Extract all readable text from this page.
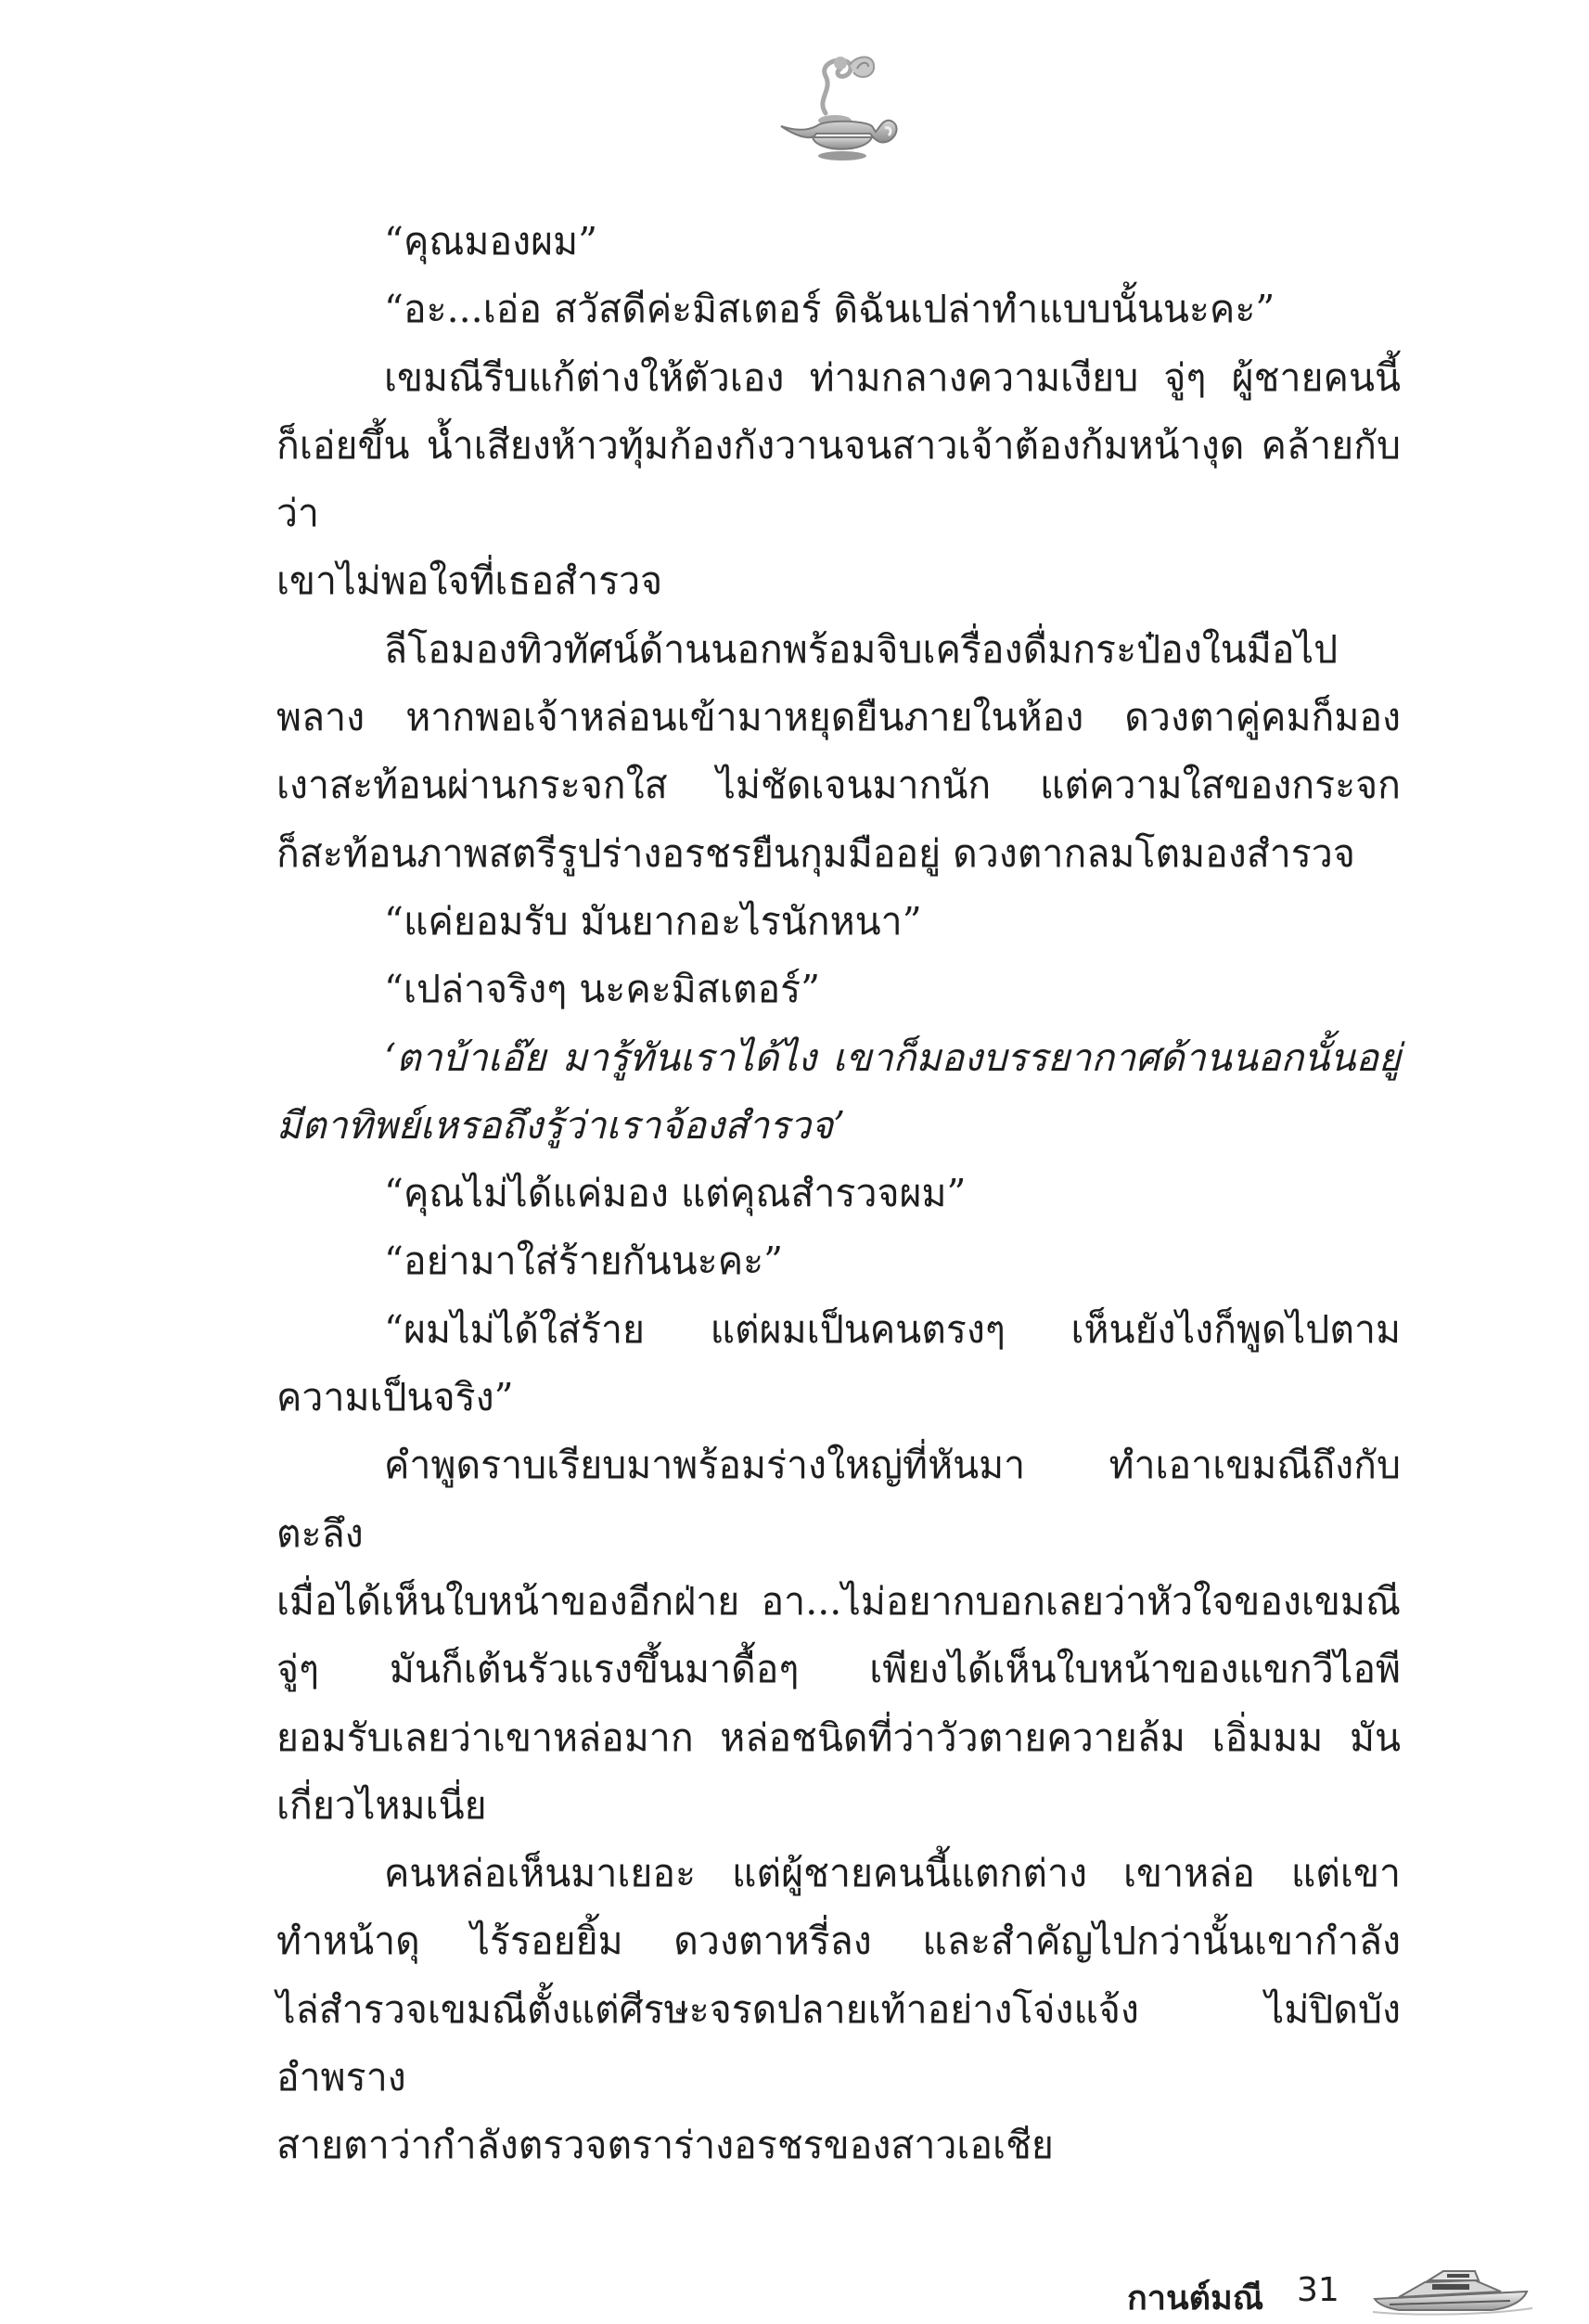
“คุณมองผม”

“อะ...เอ่อ สวัสดีค่ะมิสเตอร์ ดิฉันเปล่าทำแบบนั้นนะคะ”

เขมณีรีบแก้ต่างให้ตัวเอง ท่ามกลางความเงียบ จู่ๆ ผู้ชายคนนี้

ก็เอ่ยขึ้น น้ำเสียงห้าวทุ้มก้องกังวานจนสาวเจ้าต้องก้มหน้างุด คล้ายกับว่า

เขาไม่พอใจที่เธอสำรวจ

ลีโอมองทิวทัศน์ด้านนอกพร้อมจิบเครื่องดื่มกระป๋องในมือไป

พลาง หากพอเจ้าหล่อนเข้ามาหยุดยืนภายในห้อง ดวงตาคู่คมก็มอง

เงาสะท้อนผ่านกระจกใส ไม่ชัดเจนมากนัก แต่ความใสของกระจก

ก็สะท้อนภาพสตรีรูปร่างอรชรยืนกุมมืออยู่ ดวงตากลมโตมองสำรวจ

“แค่ยอมรับ มันยากอะไรนักหนา”

“เปล่าจริงๆ นะคะมิสเตอร์”

‘ตาบ้าเอ๊ย มารู้ทันเราได้ไง เขาก็มองบรรยากาศด้านนอกนั้นอยู่

มีตาทิพย์เหรอถึงรู้ว่าเราจ้องสำรวจ’

“คุณไม่ได้แค่มอง แต่คุณสำรวจผม”

“อย่ามาใส่ร้ายกันนะคะ”

“ผมไม่ได้ใส่ร้าย แต่ผมเป็นคนตรงๆ เห็นยังไงก็พูดไปตาม

ความเป็นจริง”

คำพูดราบเรียบมาพร้อมร่างใหญ่ที่หันมา ทำเอาเขมณีถึงกับตะลึง

เมื่อได้เห็นใบหน้าของอีกฝ่าย อา...ไม่อยากบอกเลยว่าหัวใจของเขมณี

จู่ๆ มันก็เต้นรัวแรงขึ้นมาดื้อๆ เพียงได้เห็นใบหน้าของแขกวีไอพี

ยอมรับเลยว่าเขาหล่อมาก หล่อชนิดที่ว่าวัวตายควายล้ม เอิ่มมม มัน

เกี่ยวไหมเนี่ย

คนหล่อเห็นมาเยอะ แต่ผู้ชายคนนี้แตกต่าง เขาหล่อ แต่เขา

ทำหน้าดุ ไร้รอยยิ้ม ดวงตาหรี่ลง และสำคัญไปกว่านั้นเขากำลัง

ไล่สำรวจเขมณีตั้งแต่ศีรษะจรดปลายเท้าอย่างโจ่งแจ้ง ไม่ปิดบังอำพราง

สายตาว่ากำลังตรวจตราร่างอรชรของสาวเอเชีย

กานต์มณี 31
